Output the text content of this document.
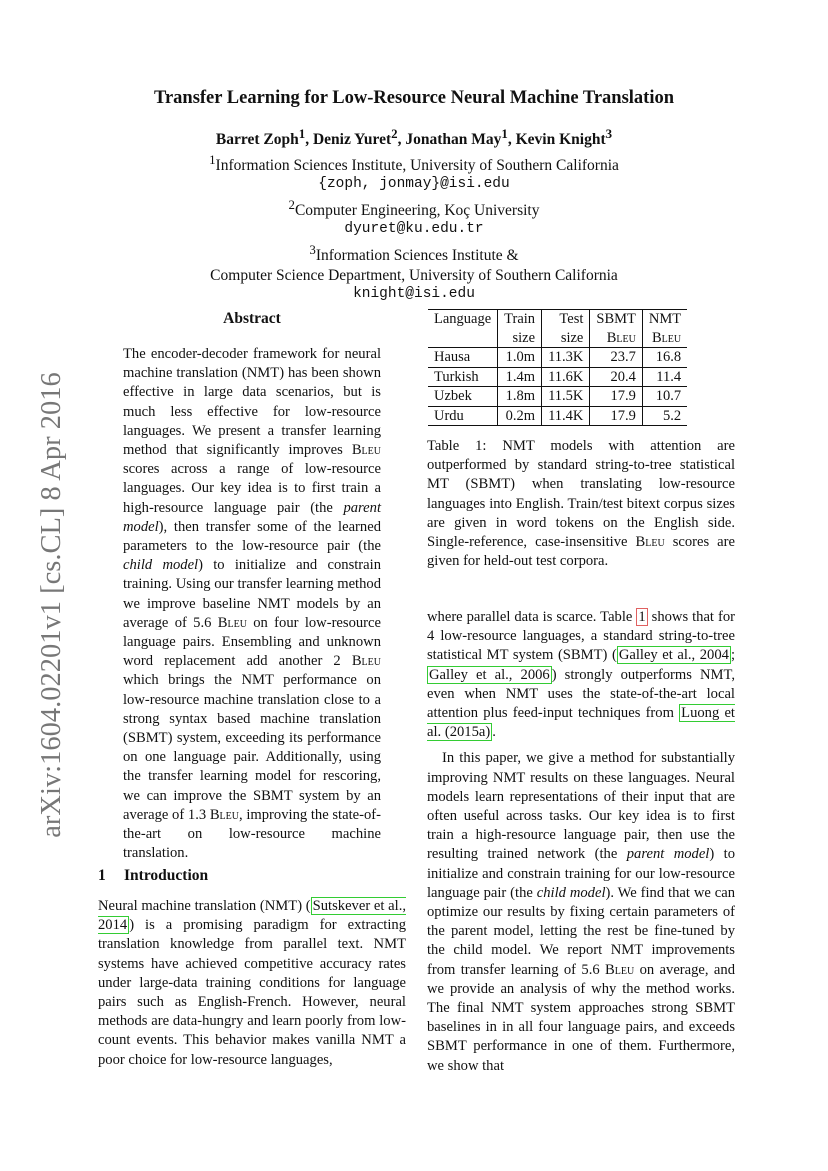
arXiv:1604.02201v1 [cs.CL] 8 Apr 2016
Transfer Learning for Low-Resource Neural Machine Translation
Barret Zoph$^1$, Deniz Yuret$^2$, Jonathan May$^1$, Kevin Knight$^3$
$^1$Information Sciences Institute, University of Southern California
{zoph, jonmay}@isi.edu
$^2$Computer Engineering, Koç University
dyuret@ku.edu.tr
$^3$Information Sciences Institute &
Computer Science Department, University of Southern California
knight@isi.edu
Abstract
The encoder-decoder framework for neural machine translation (NMT) has been shown effective in large data scenarios, but is much less effective for low-resource languages. We present a transfer learning method that significantly improves Bleu scores across a range of low-resource languages. Our key idea is to first train a high-resource language pair (the parent model), then transfer some of the learned parameters to the low-resource pair (the child model) to initialize and constrain training. Using our transfer learning method we improve baseline NMT models by an average of 5.6 Bleu on four low-resource language pairs. Ensembling and unknown word replacement add another 2 Bleu which brings the NMT performance on low-resource machine translation close to a strong syntax based machine translation (SBMT) system, exceeding its performance on one language pair. Additionally, using the transfer learning model for rescoring, we can improve the SBMT system by an average of 1.3 Bleu, improving the state-of-the-art on low-resource machine translation.
1 Introduction
Neural machine translation (NMT) ( Sutskever et al., 2014 ) is a promising paradigm for extracting translation knowledge from parallel text. NMT systems have achieved competitive accuracy rates under large-data training conditions for language pairs such as English-French. However, neural methods are data-hungry and learn poorly from low-count events. This behavior makes vanilla NMT a poor choice for low-resource languages,
Language	Train	Test	SBMT	NMT
	size	size	Bleu	Bleu
Hausa	1.0m	11.3K	23.7	16.8
Turkish	1.4m	11.6K	20.4	11.4
Uzbek	1.8m	11.5K	17.9	10.7
Urdu	0.2m	11.4K	17.9	5.2
Table 1: NMT models with attention are outperformed by standard string-to-tree statistical MT (SBMT) when translating low-resource languages into English. Train/test bitext corpus sizes are given in word tokens on the English side. Single-reference, case-insensitive Bleu scores are given for held-out test corpora.

where parallel data is scarce. Table 1 shows that for 4 low-resource languages, a standard string-to-tree statistical MT system (SBMT) ( Galley et al., 2004 ; Galley et al., 2006 ) strongly outperforms NMT, even when NMT uses the state-of-the-art local attention plus feed-input techniques from Luong et al. (2015a) .

In this paper, we give a method for substantially improving NMT results on these languages. Neural models learn representations of their input that are often useful across tasks. Our key idea is to first train a high-resource language pair, then use the resulting trained network (the parent model) to initialize and constrain training for our low-resource language pair (the child model). We find that we can optimize our results by fixing certain parameters of the parent model, letting the rest be fine-tuned by the child model. We report NMT improvements from transfer learning of 5.6 Bleu on average, and we provide an analysis of why the method works. The final NMT system approaches strong SBMT baselines in in all four language pairs, and exceeds SBMT performance in one of them. Furthermore, we show that
